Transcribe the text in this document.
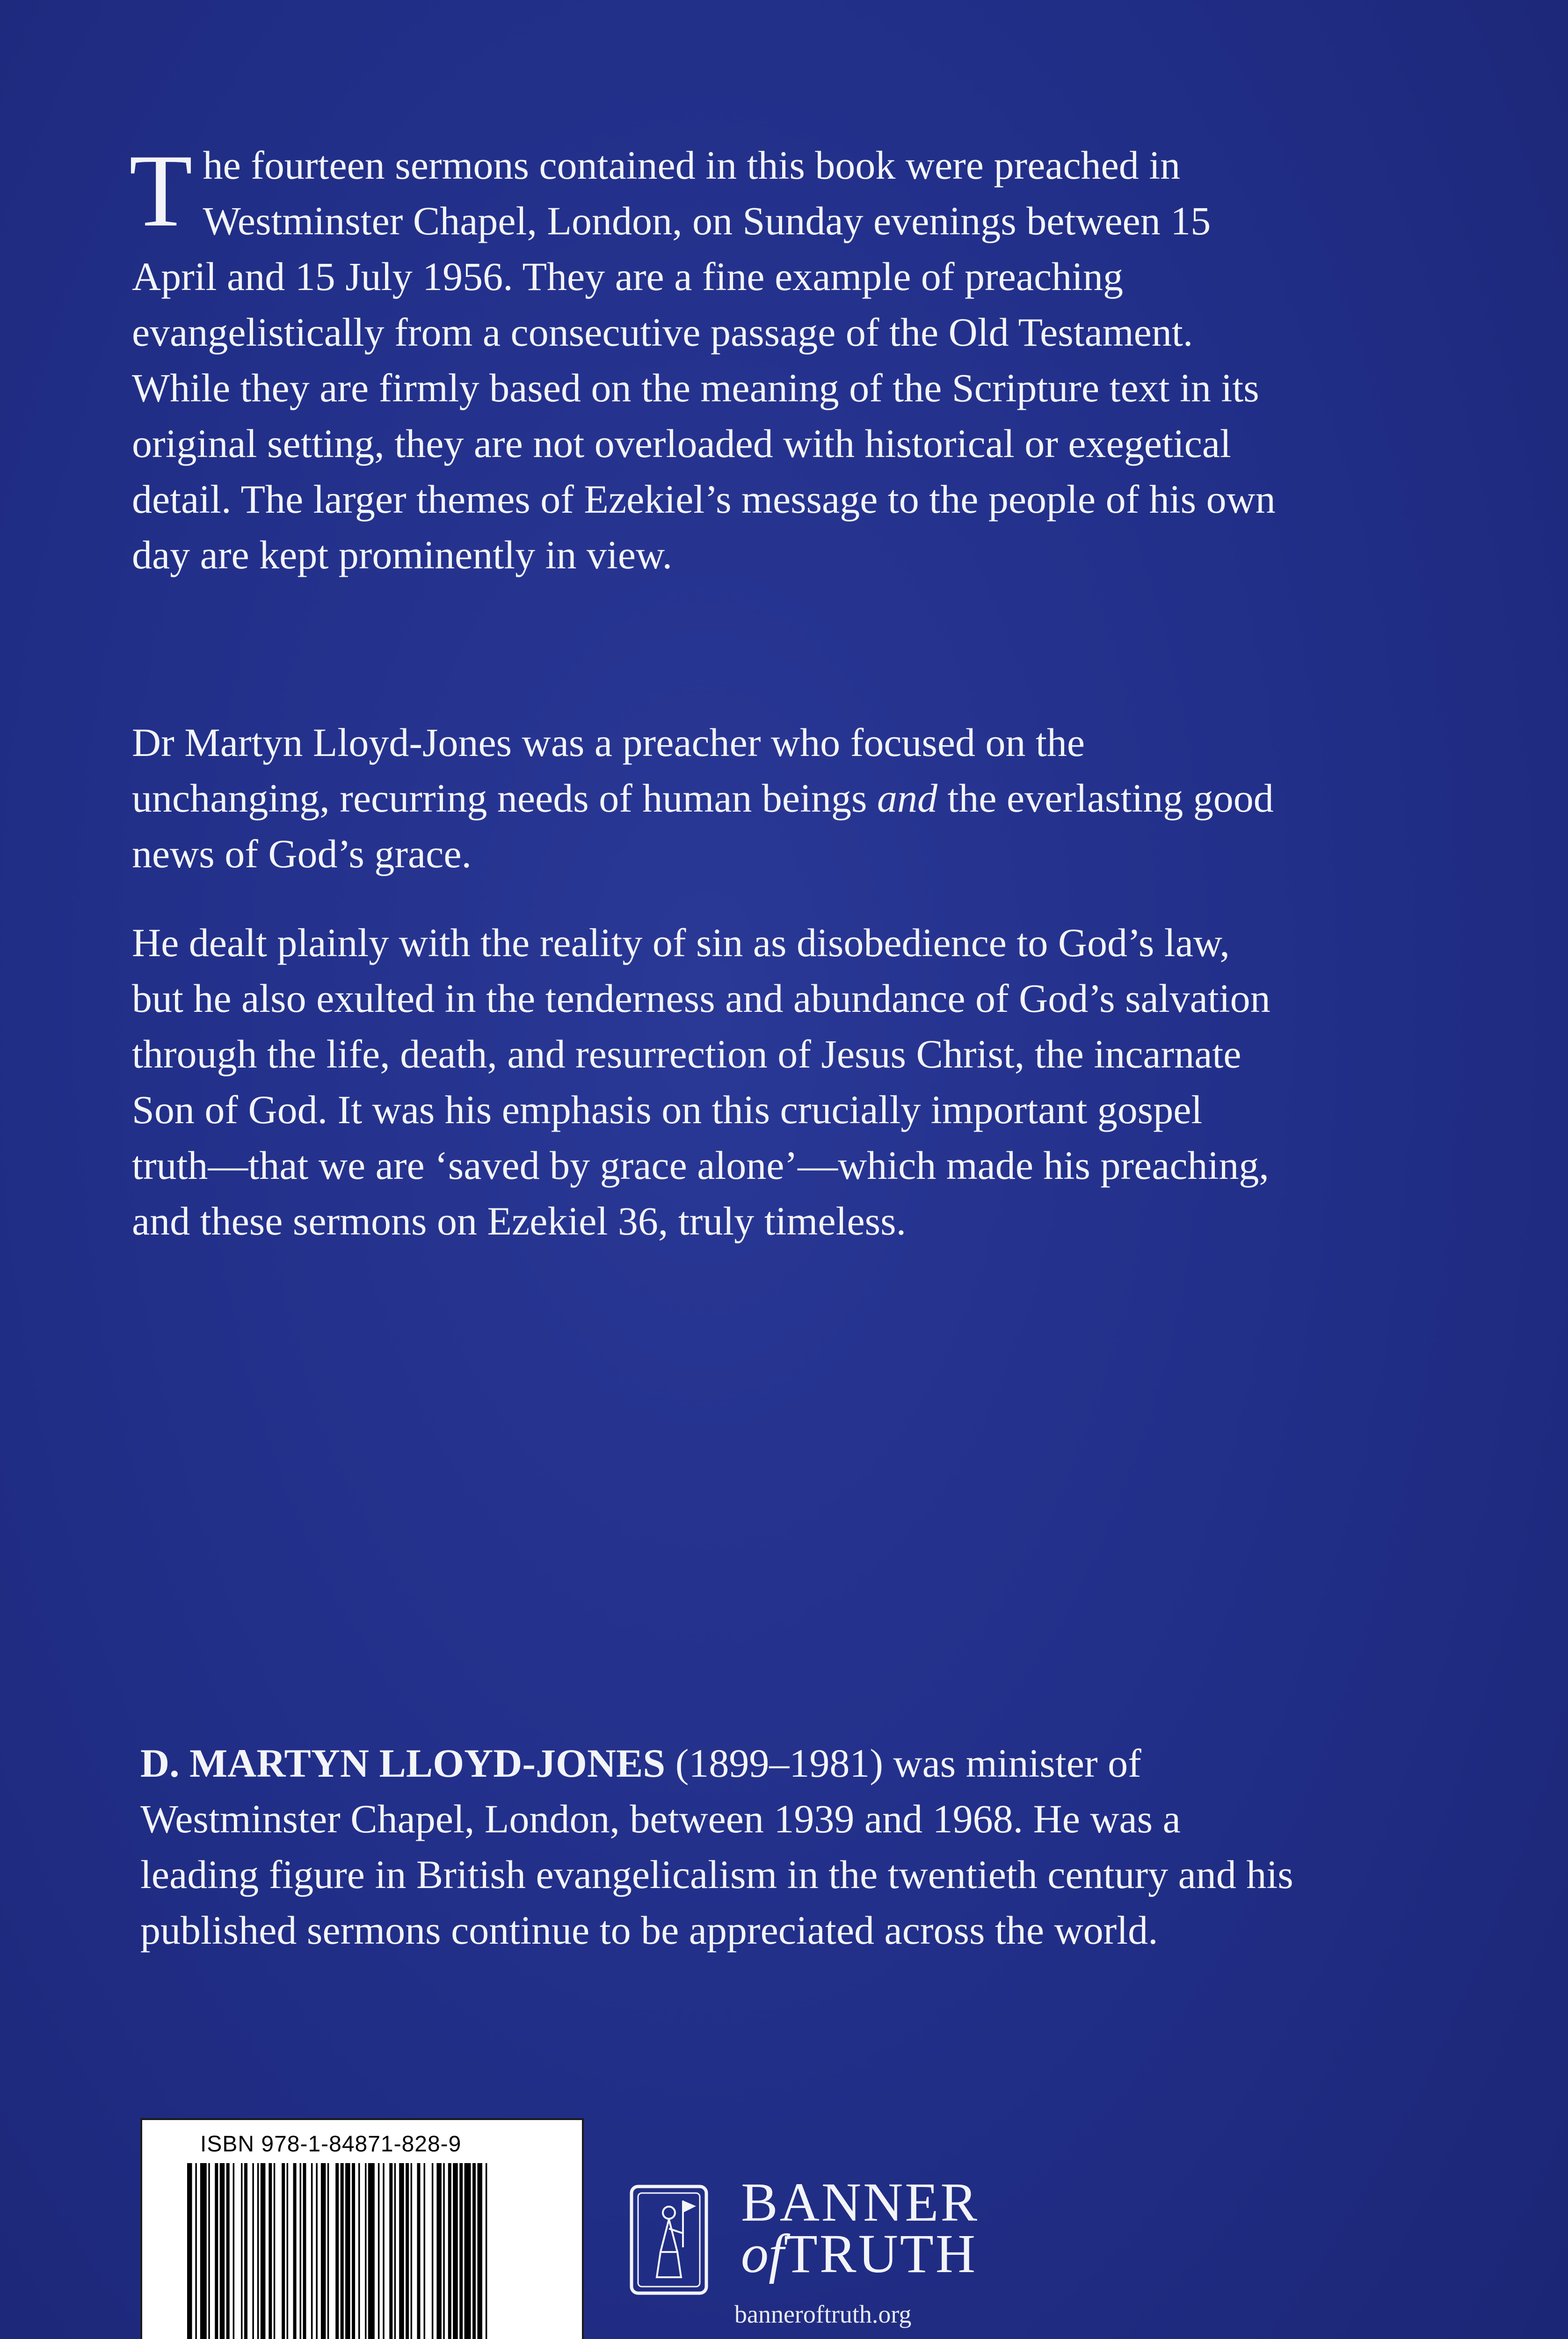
The fourteen sermons contained in this book were preached in Westminster Chapel, London, on Sunday evenings between 15 April and 15 July 1956. They are a fine example of preaching evangelistically from a consecutive passage of the Old Testament. While they are firmly based on the meaning of the Scripture text in its original setting, they are not overloaded with historical or exegetical detail. The larger themes of Ezekiel’s message to the people of his own day are kept prominently in view.
Dr Martyn Lloyd-Jones was a preacher who focused on the unchanging, recurring needs of human beings and the everlasting good news of God’s grace.
He dealt plainly with the reality of sin as disobedience to God’s law, but he also exulted in the tenderness and abundance of God’s salvation through the life, death, and resurrection of Jesus Christ, the incarnate Son of God. It was his emphasis on this crucially important gospel truth—that we are ‘saved by grace alone’—which made his preaching, and these sermons on Ezekiel 36, truly timeless.
D. MARTYN LLOYD-JONES (1899–1981) was minister of Westminster Chapel, London, between 1939 and 1968. He was a leading figure in British evangelicalism in the twentieth century and his published sermons continue to be appreciated across the world.
ISBN 978-1-84871-828-9
BANNER
ofTRUTH
banneroftruth.org
